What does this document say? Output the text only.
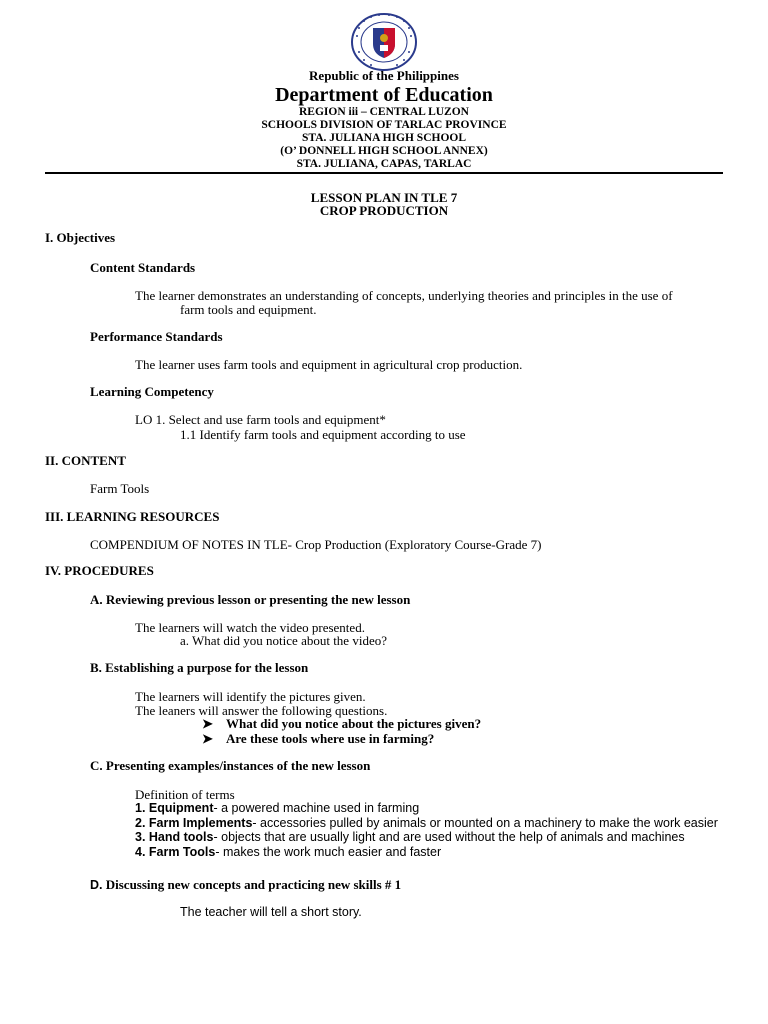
Republic of the Philippines
Department of Education
REGION iii – CENTRAL LUZON
SCHOOLS DIVISION OF TARLAC PROVINCE
STA. JULIANA HIGH SCHOOL
(O’ DONNELL HIGH SCHOOL ANNEX)
STA. JULIANA, CAPAS, TARLAC
LESSON PLAN IN TLE 7
CROP PRODUCTION
I. Objectives
Content Standards
The learner demonstrates an understanding of concepts, underlying theories and principles in the use of
farm tools and equipment.
Performance Standards
The learner uses farm tools and equipment in agricultural crop production.
Learning Competency
LO 1. Select and use farm tools and equipment*
1.1 Identify farm tools and equipment according to use
II. CONTENT
Farm Tools
III. LEARNING RESOURCES
COMPENDIUM OF NOTES IN TLE- Crop Production (Exploratory Course-Grade 7)
IV. PROCEDURES
A. Reviewing previous lesson or presenting the new lesson
The learners will watch the video presented.
a. What did you notice about the video?
B. Establishing a purpose for the lesson
The learners will identify the pictures given.
The leaners will answer the following questions.
➤ What did you notice about the pictures given?
➤ Are these tools where use in farming?
C. Presenting examples/instances of the new lesson
Definition of terms
1. Equipment- a powered machine used in farming
2. Farm Implements- accessories pulled by animals or mounted on a machinery to make the work easier
3. Hand tools- objects that are usually light and are used without the help of animals and machines
4. Farm Tools- makes the work much easier and faster
D. Discussing new concepts and practicing new skills # 1
The teacher will tell a short story.
